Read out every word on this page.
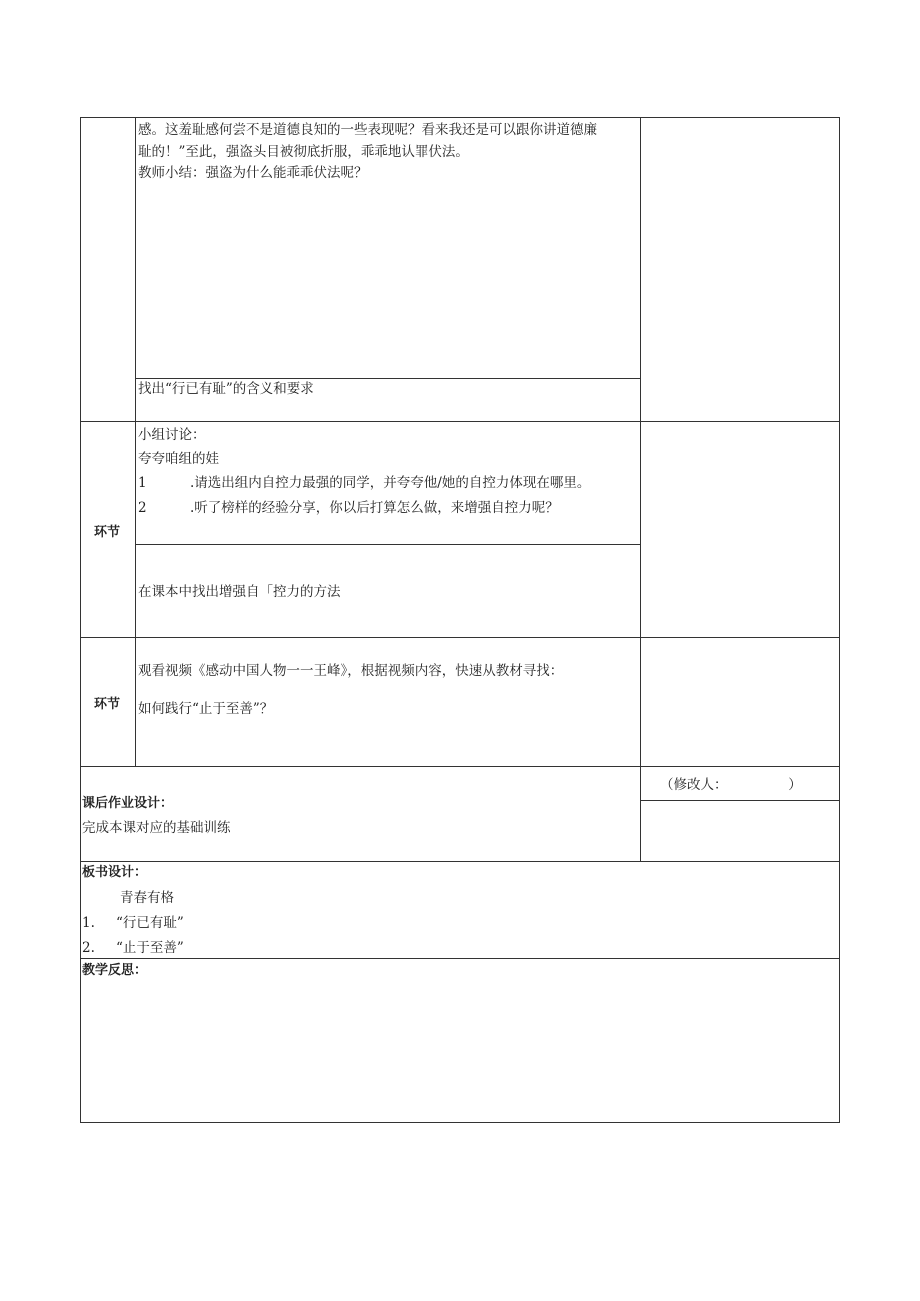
感。这羞耻感何尝不是道德良知的一些表现呢？看来我还是可以跟你讲道德廉
耻的！”至此，强盗头目被彻底折服，乖乖地认罪伏法。
教师小结：强盗为什么能乖乖伏法呢？
找出“行已有耻”的含义和要求
环节
小组讨论：
夸夸咱组的娃
1	.请选出组内自控力最强的同学，并夸夸他/她的自控力体现在哪里。
2	.听了榜样的经验分享，你以后打算怎么做，来增强自控力呢？
在课本中找出增强自「控力的方法
环节
观看视频《感动中国人物一一王峰》，根据视频内容，快速从教材寻找：
如何践行“止于至善”？
课后作业设计：
完成本课对应的基础训练
（修改人：　　　　　）
板书设计：
青春有格
1. “行已有耻”
2. “止于至善”
教学反思：
